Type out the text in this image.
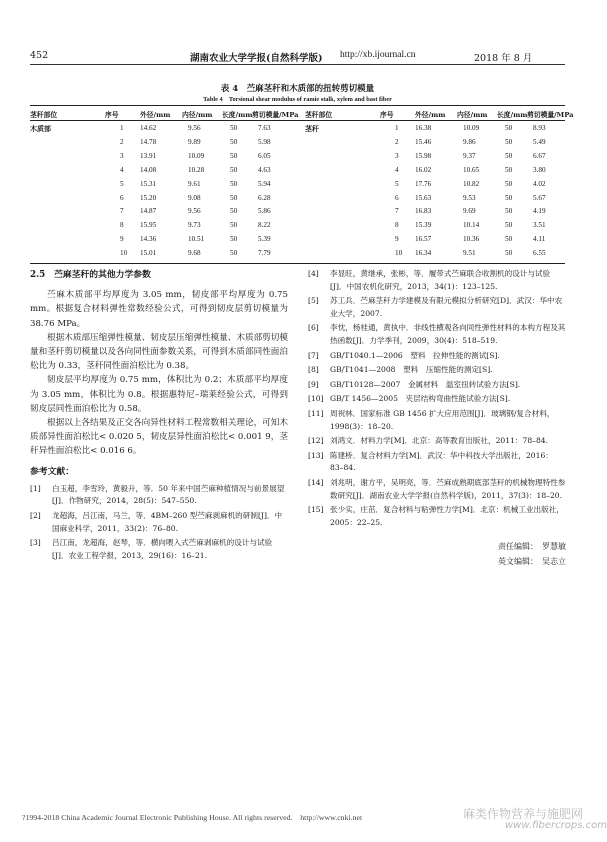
452	湖南农业大学学报(自然科学版) http://xb.ijournal.cn	2018 年 8 月
表 4　苎麻茎秆和木质部的扭转剪切模量
Table 4　Torsional shear modulus of ramie stalk, xylem and bast fiber
茎秆部位	序号	外径/mm 内径/mm 长度/mm 剪切模量/MPa 茎秆部位	序号	外径/mm 内径/mm 长度/mm 剪切模量/MPa
木质部	1 14.62	9.56	50	7.63
2 14.78	9.89	50	5.98
3 13.91	10.09	50	6.05
4 14.08	10.28	50	4.63
5 15.31	9.61	50	5.94
6 15.20	9.08	50	6.28
7 14.87	9.56	50	5.86
8 15.95	9.73	50	8.22
9 14.36	10.51	50	5.39
10 15.01	9.68	50	7.79
茎秆	1 16.38	10.09	50	8.93
2 15.46	9.86	50	5.49
3 15.98	9.37	50	6.67
4 16.02	10.65	50	3.80
5 17.76	10.82	50	4.02
6 15.63	9.53	50	5.67
7 16.83	9.69	50	4.19
8 15.39	10.14	50	3.51
9 16.57	10.36	50	4.11
10 16.34	9.51	50	6.55
2.5　苎麻茎秆的其他力学参数

苎麻木质部平均厚度为 3.05 mm，韧皮部平均厚度为 0.75 mm。根据复合材料弹性常数经验公式，可得到韧皮层剪切模量为 38.76 MPa。

根据木质部压缩弹性模量、韧皮层压缩弹性模量、木质部剪切模量和茎秆剪切模量以及各向同性面参数关系，可得到木质部同性面泊松比为 0.33，茎秆同性面泊松比为 0.38。

韧皮层平均厚度为 0.75 mm，体积比为 0.2；木质部平均厚度为 3.05 mm，体积比为 0.8。根据惠特尼–瑞莱经验公式，可得到韧皮层同性面泊松比为 0.58。

根据以上各结果及正交各向异性材料工程常数相关理论，可知木质部异性面泊松比< 0.020 5，韧皮层异性面泊松比< 0.001 9，茎秆异性面泊松比< 0.016 6。

参考文献：
[1] 白玉超，李雪玲，黄毅升，等．50 年来中国苎麻种植情况与前景展望[J]．作物研究，2014，28(5)：547–550.
[2] 龙超海，吕江南，马兰，等．4BM–260 型苎麻剥麻机的研制[J]．中国麻业科学，2011，33(2)：76–80.
[3] 吕江南，龙超海，赵琴，等．横向喂入式苎麻剥麻机的设计与试验[J]．农业工程学报，2013，29(16)：16–21.
[4] 李显旺，黄继承，张彬，等．履带式苎麻联合收割机的设计与试验[J]．中国农机化研究，2013，34(1)：123–125.
[5] 苏工兵．苎麻茎秆力学建模及有限元模拟分析研究[D]．武汉：华中农业大学，2007.
[6] 李忱，杨桂通，黄执中．非线性横观各向同性弹性材料的本构方程及其热函数[J]．力学季刊，2009，30(4)：518–519.
[7] GB/T1040.1—2006　塑料　拉伸性能的测试[S].
[8] GB/T1041—2008　塑料　压缩性能的测定[S].
[9] GB/T10128—2007　金属材料　温室扭转试验方法[S].
[10] GB/T 1456—2005　夹层结构弯曲性能试验方法[S].
[11] 周祝林．国家标准 GB 1456 扩大应用范围[J]．玻璃钢/复合材料，1998(3)：18–20.
[12] 刘鸿文．材料力学[M]．北京：高等教育出版社，2011：78–84.
[13] 陈建桥．复合材料力学[M]．武汉：华中科技大学出版社，2016：83–84.
[14] 刘兆明，谢方平，吴明亮，等．苎麻成熟期底部茎秆的机械物理特性参数研究[J]．湖南农业大学学报(自然科学版)，2011，37(3)：18–20.
[15] 张少实，庄茁．复合材料与粘弹性力学[M]．北京：机械工业出版社，2005：22–25.
责任编辑：　罗慧敏
英文编辑：　吴志立
?1994-2018 China Academic Journal Electronic Publishing House. All rights reserved.　http://www.cnki.net	麻类作物营养与施肥网
www.fibercrops.com
